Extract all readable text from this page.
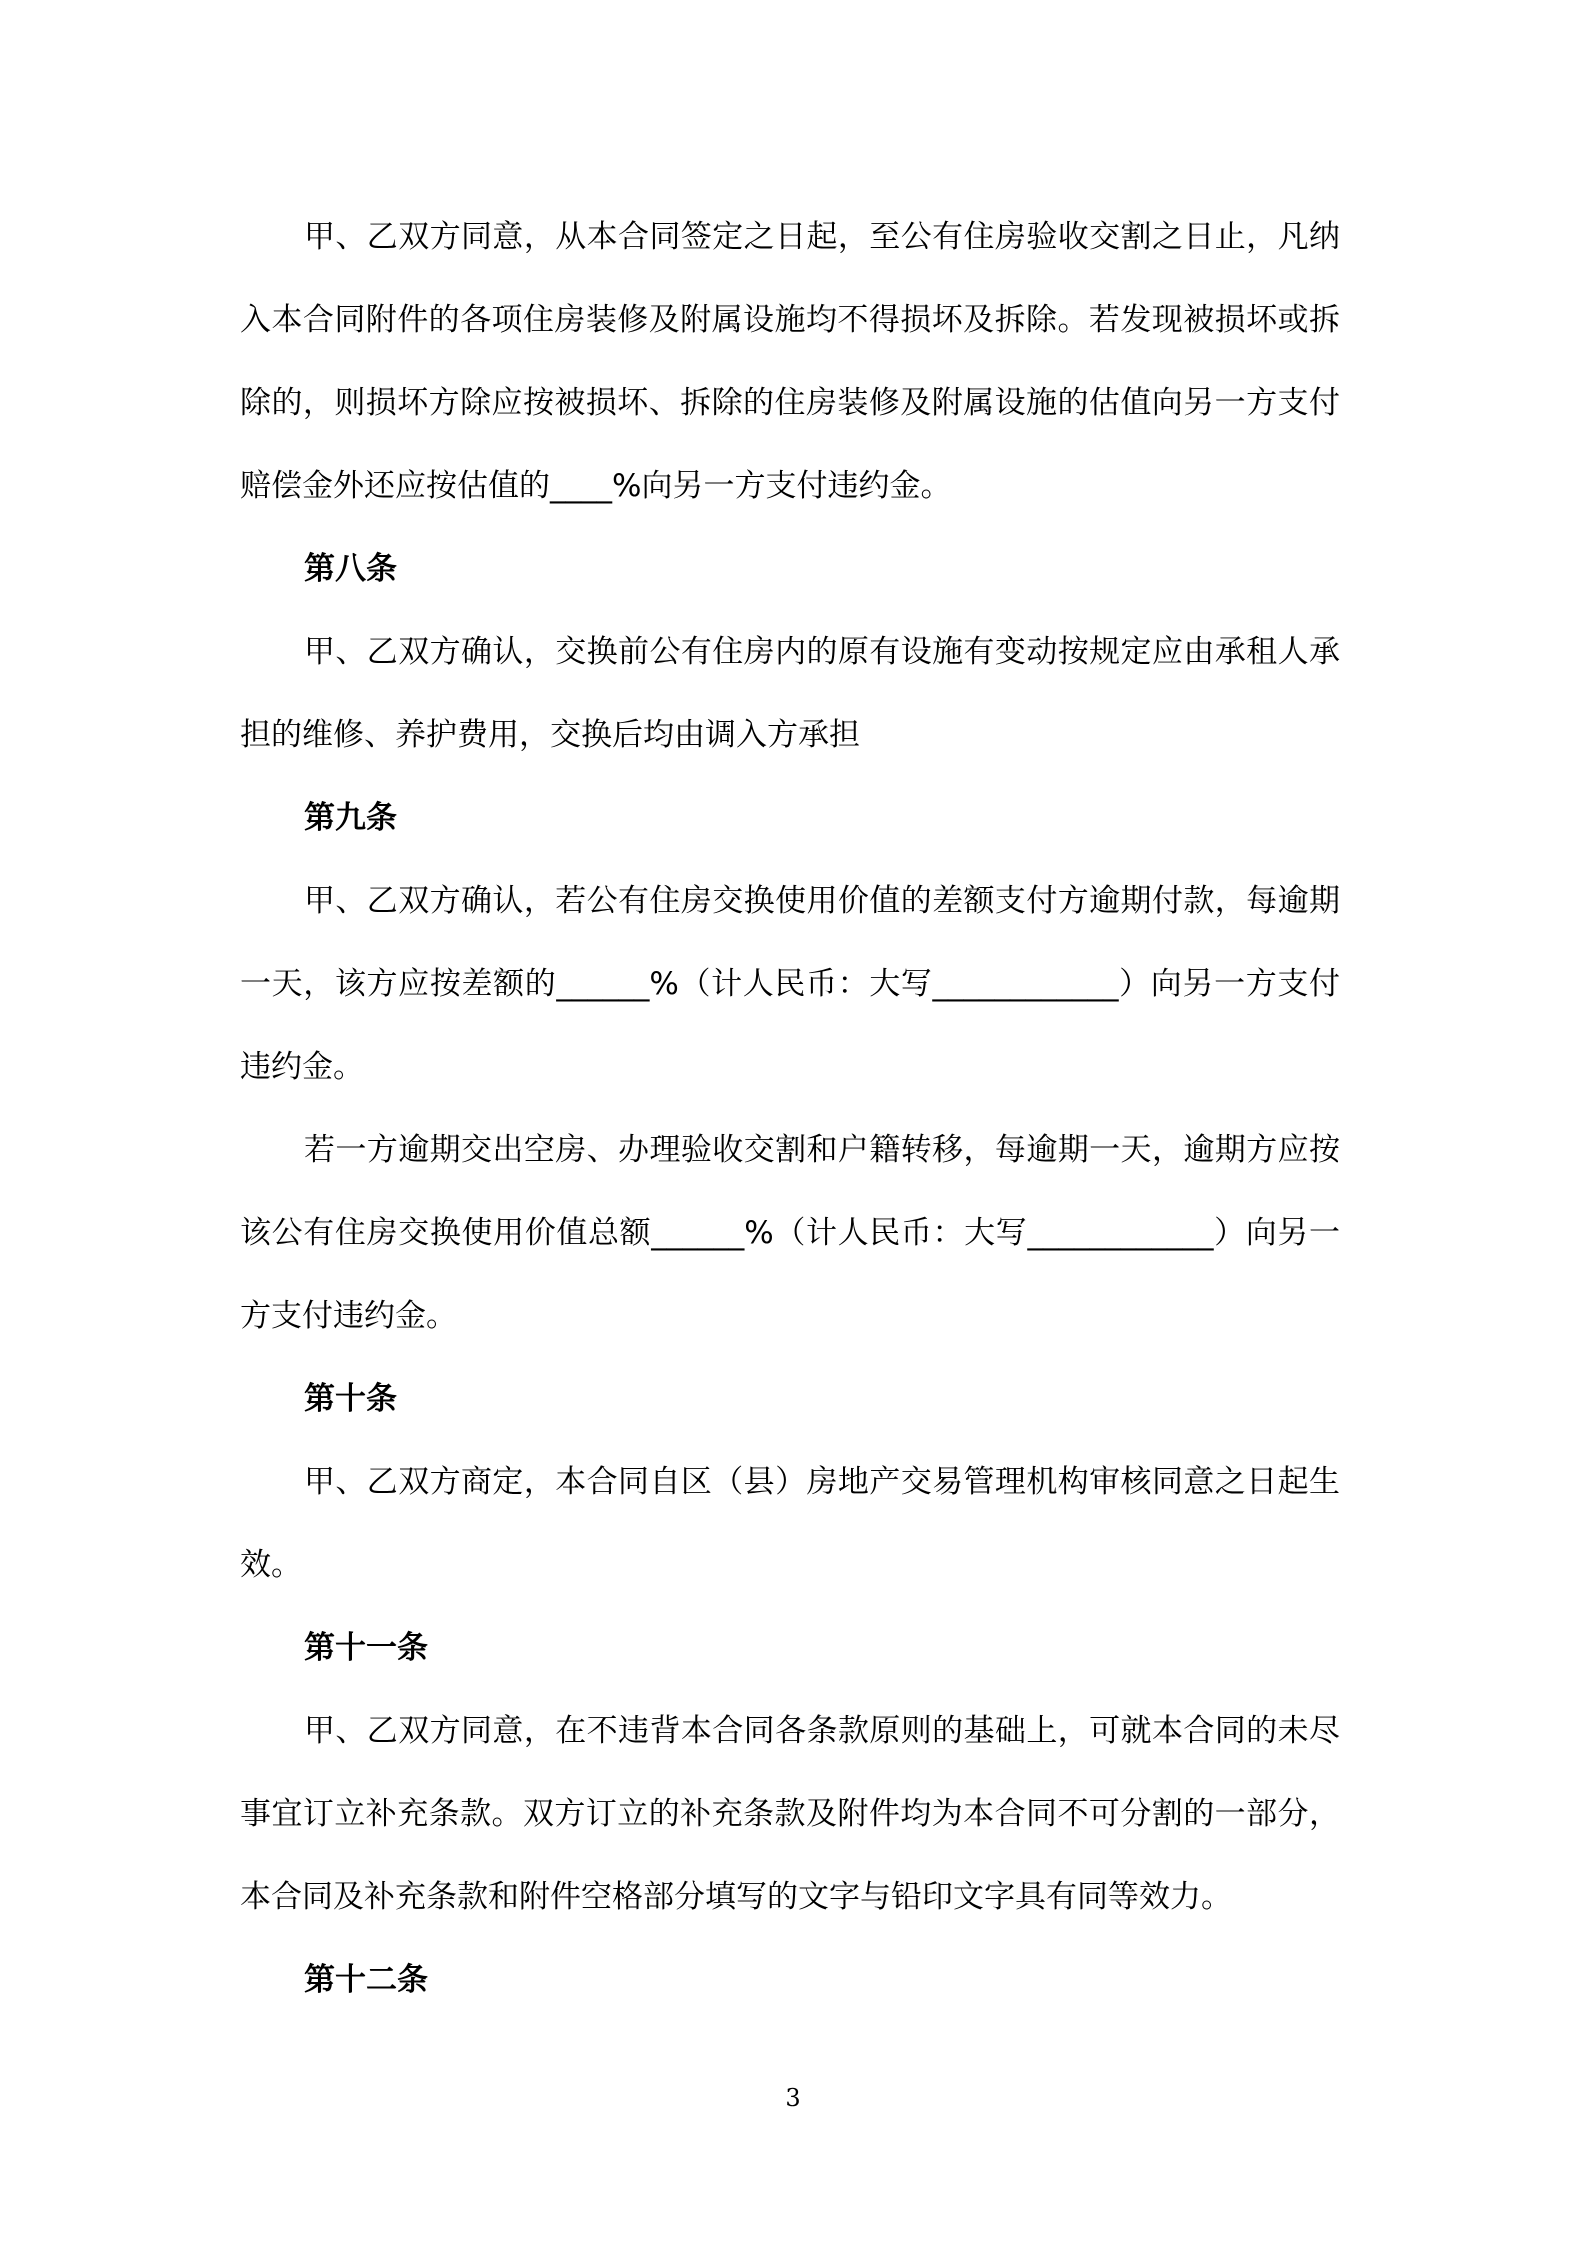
甲、乙双方同意，从本合同签定之日起，至公有住房验收交割之日止，凡纳入本合同附件的各项住房装修及附属设施均不得损坏及拆除。若发现被损坏或拆除的，则损坏方除应按被损坏、拆除的住房装修及附属设施的估值向另一方支付赔偿金外还应按估值的____%向另一方支付违约金。

第八条

甲、乙双方确认，交换前公有住房内的原有设施有变动按规定应由承租人承担的维修、养护费用，交换后均由调入方承担

第九条

甲、乙双方确认，若公有住房交换使用价值的差额支付方逾期付款，每逾期一天，该方应按差额的______%（计人民币：大写____________）向另一方支付违约金。

若一方逾期交出空房、办理验收交割和户籍转移，每逾期一天，逾期方应按该公有住房交换使用价值总额______%（计人民币：大写____________）向另一方支付违约金。

第十条

甲、乙双方商定，本合同自区（县）房地产交易管理机构审核同意之日起生效。

第十一条

甲、乙双方同意，在不违背本合同各条款原则的基础上，可就本合同的未尽事宜订立补充条款。双方订立的补充条款及附件均为本合同不可分割的一部分，本合同及补充条款和附件空格部分填写的文字与铅印文字具有同等效力。

第十二条

3
